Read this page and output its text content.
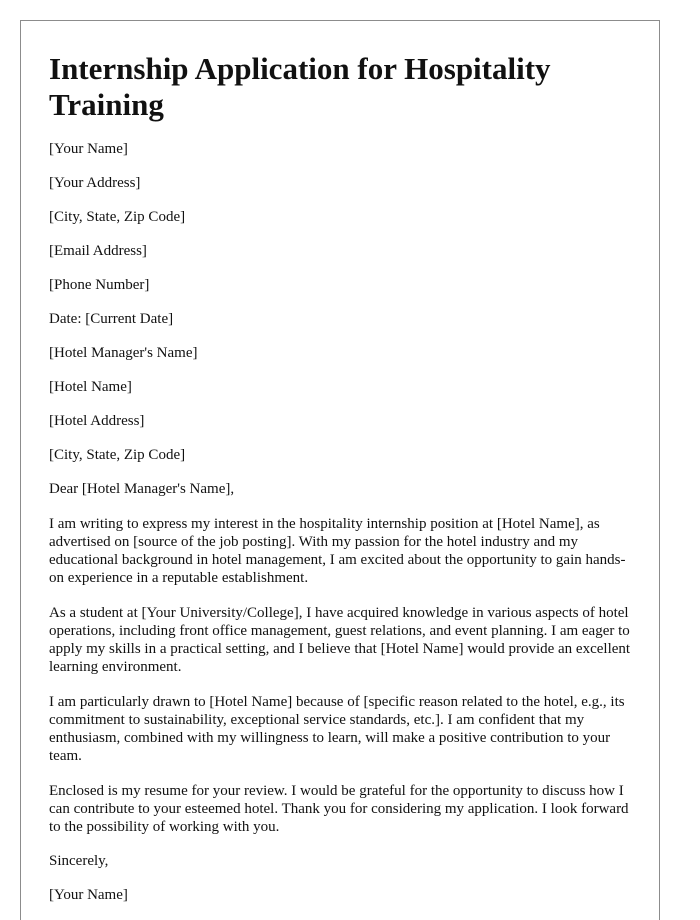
Internship Application for Hospitality Training
[Your Name]
[Your Address]
[City, State, Zip Code]
[Email Address]
[Phone Number]
Date: [Current Date]
[Hotel Manager's Name]
[Hotel Name]
[Hotel Address]
[City, State, Zip Code]
Dear [Hotel Manager's Name],

I am writing to express my interest in the hospitality internship position at [Hotel Name], as advertised on [source of the job posting]. With my passion for the hotel industry and my educational background in hotel management, I am excited about the opportunity to gain hands-on experience in a reputable establishment.

As a student at [Your University/College], I have acquired knowledge in various aspects of hotel operations, including front office management, guest relations, and event planning. I am eager to apply my skills in a practical setting, and I believe that [Hotel Name] would provide an excellent learning environment.

I am particularly drawn to [Hotel Name] because of [specific reason related to the hotel, e.g., its commitment to sustainability, exceptional service standards, etc.]. I am confident that my enthusiasm, combined with my willingness to learn, will make a positive contribution to your team.

Enclosed is my resume for your review. I would be grateful for the opportunity to discuss how I can contribute to your esteemed hotel. Thank you for considering my application. I look forward to the possibility of working with you.

Sincerely,
[Your Name]
